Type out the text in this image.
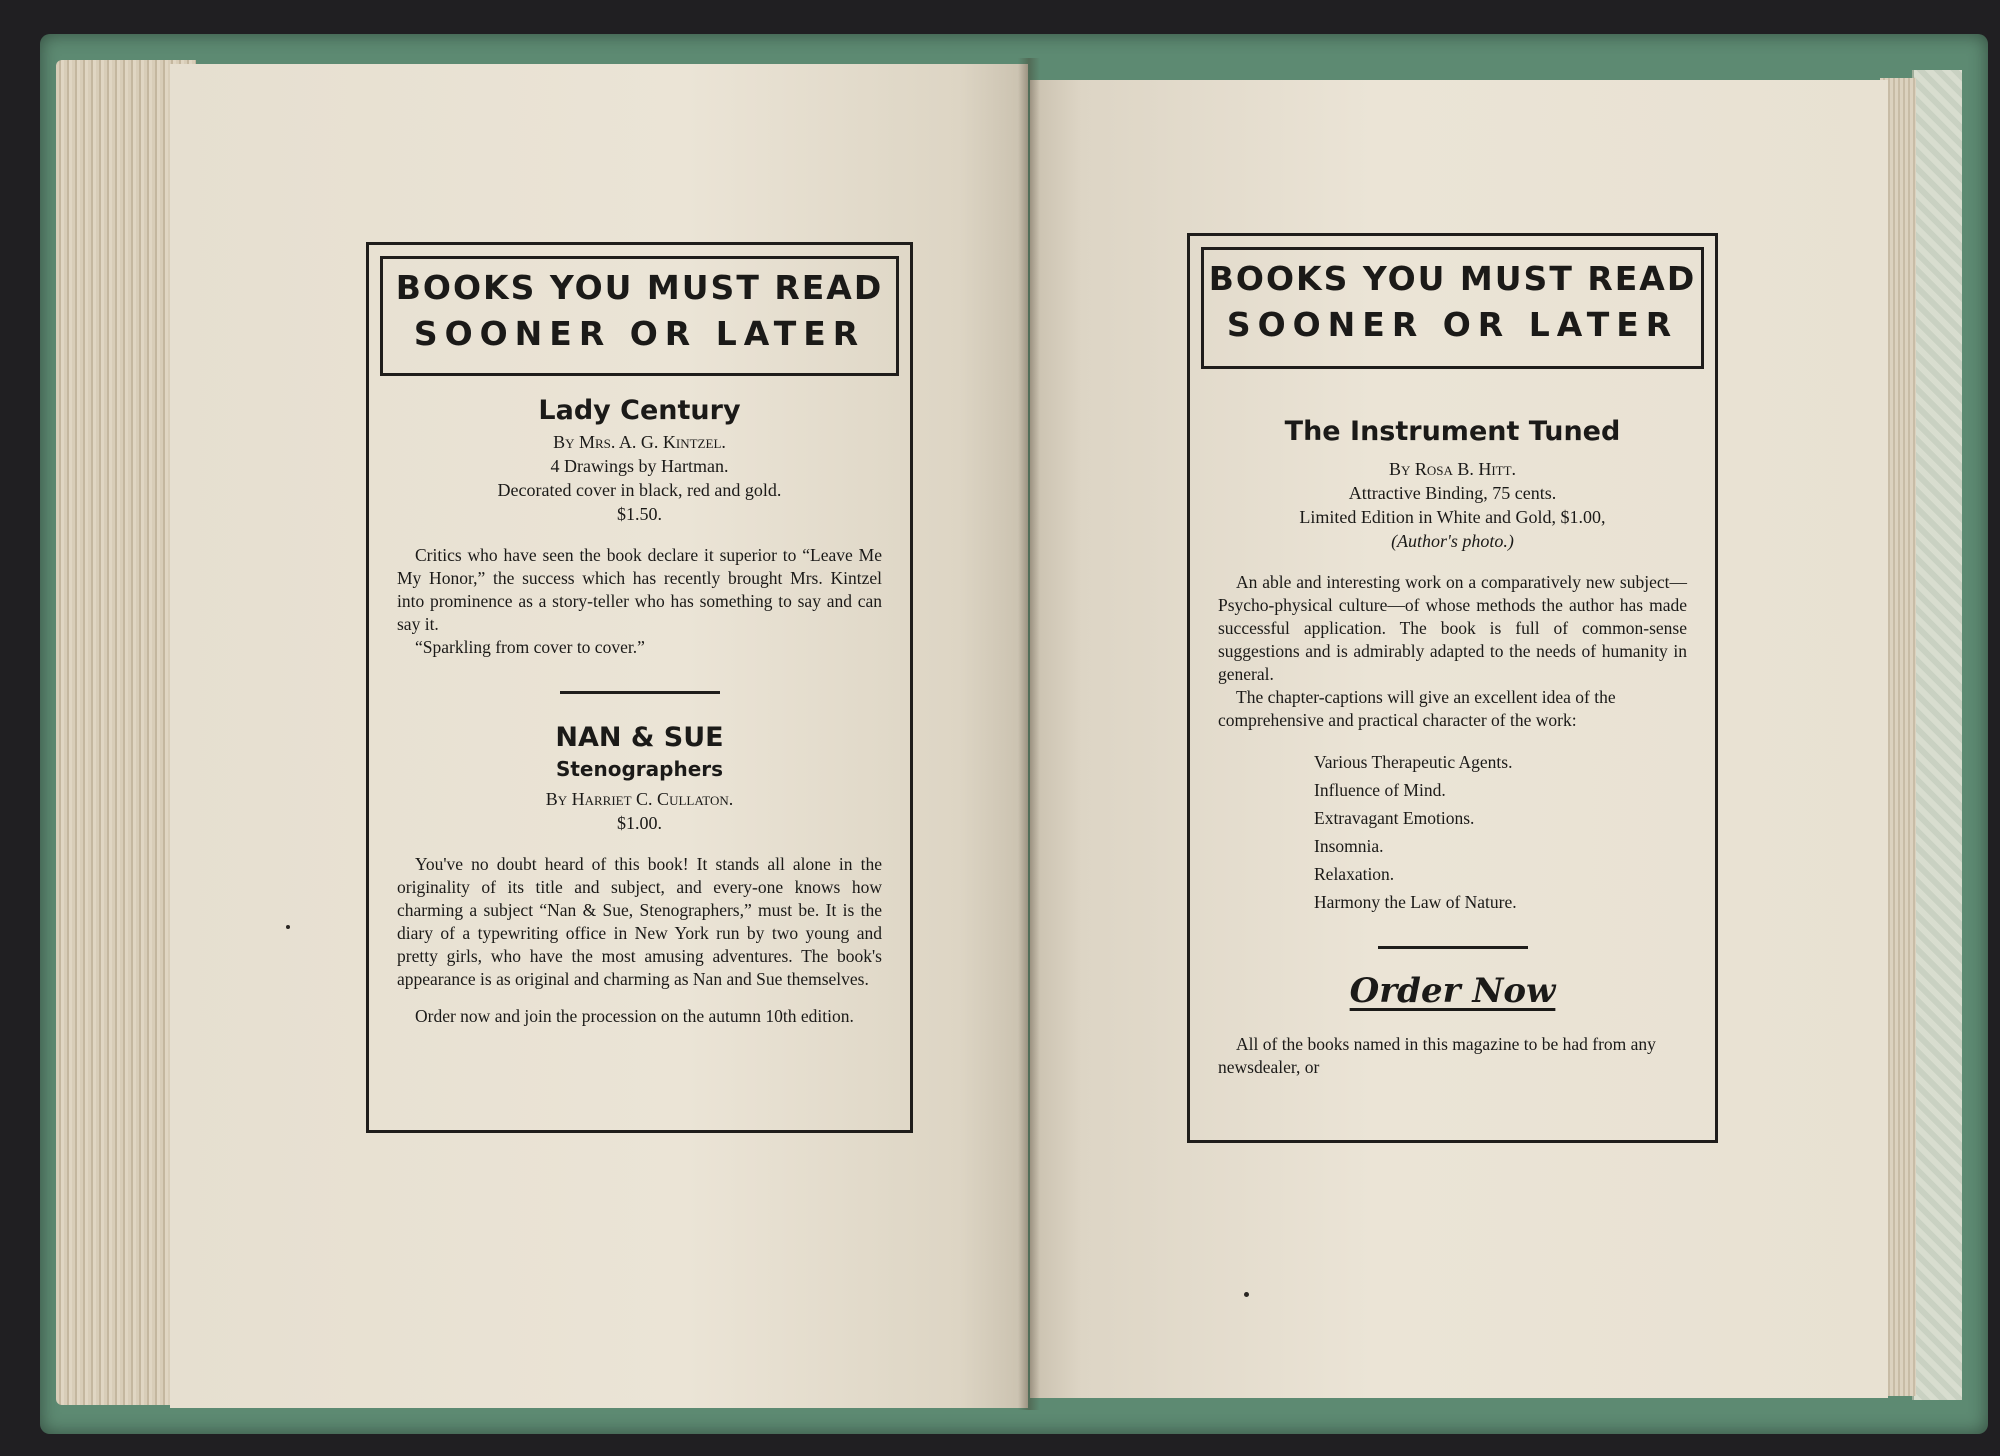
BOOKS YOU MUST READ
SOONER OR LATER
Lady Century
By Mrs. A. G. Kintzel.
4 Drawings by Hartman.
Decorated cover in black, red and gold.
$1.50.
Critics who have seen the book declare it superior to “Leave Me My Honor,” the success which has recently brought Mrs. Kintzel into prominence as a story-teller who has something to say and can say it.
“Sparkling from cover to cover.”
NAN & SUE
Stenographers
By Harriet C. Cullaton.
$1.00.
You've no doubt heard of this book! It stands all alone in the originality of its title and subject, and every-one knows how charming a subject “Nan & Sue, Stenographers,” must be. It is the diary of a typewriting office in New York run by two young and pretty girls, who have the most amusing adventures. The book's appearance is as original and charming as Nan and Sue themselves.
Order now and join the procession on the autumn 10th edition.
BOOKS YOU MUST READ
SOONER OR LATER
The Instrument Tuned
By Rosa B. Hitt.
Attractive Binding, 75 cents.
Limited Edition in White and Gold, $1.00,
(Author's photo.)
An able and interesting work on a comparatively new subject—Psycho-physical culture—of whose methods the author has made successful application. The book is full of common-sense suggestions and is admirably adapted to the needs of humanity in general.
The chapter-captions will give an excellent idea of the comprehensive and practical character of the work:
Various Therapeutic Agents.
Influence of Mind.
Extravagant Emotions.
Insomnia.
Relaxation.
Harmony the Law of Nature.
Order Now
All of the books named in this magazine to be had from any newsdealer, or
